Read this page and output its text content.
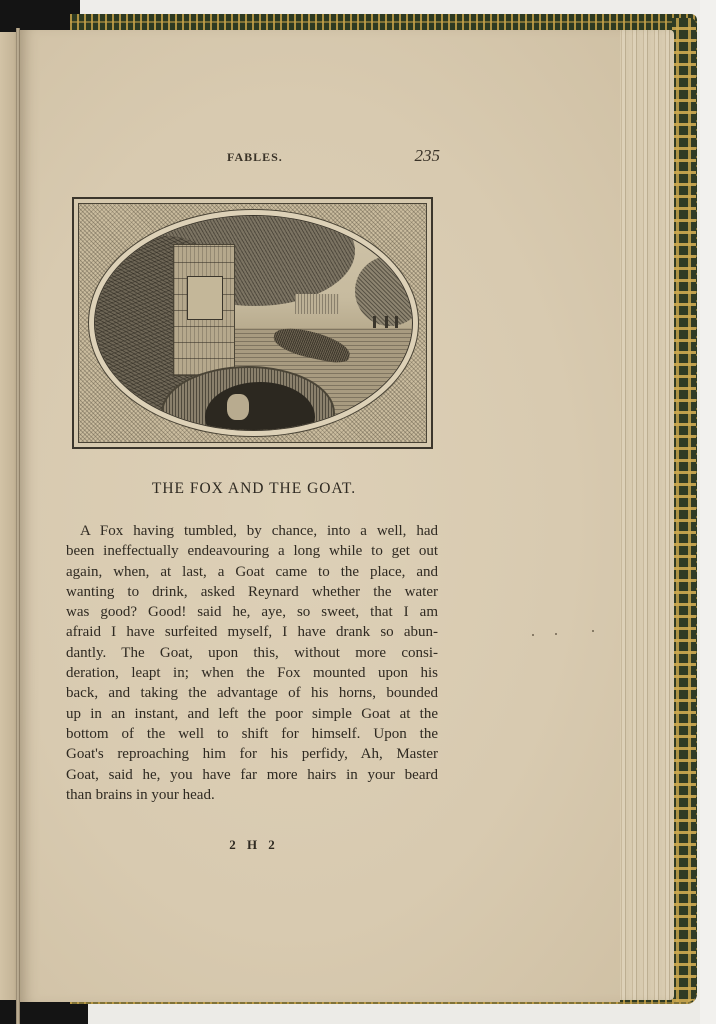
FABLES.	235
THE FOX AND THE GOAT.
A Fox having tumbled, by chance, into a well, had
been ineffectually endeavouring a long while to get out
again, when, at last, a Goat came to the place, and
wanting to drink, asked Reynard whether the water
was good? Good! said he, aye, so sweet, that I am
afraid I have surfeited myself, I have drank so abun-
dantly. The Goat, upon this, without more consi-
deration, leapt in; when the Fox mounted upon his
back, and taking the advantage of his horns, bounded
up in an instant, and left the poor simple Goat at the
bottom of the well to shift for himself. Upon the
Goat's reproaching him for his perfidy, Ah, Master
Goat, said he, you have far more hairs in your beard
than brains in your head.
2 H 2
